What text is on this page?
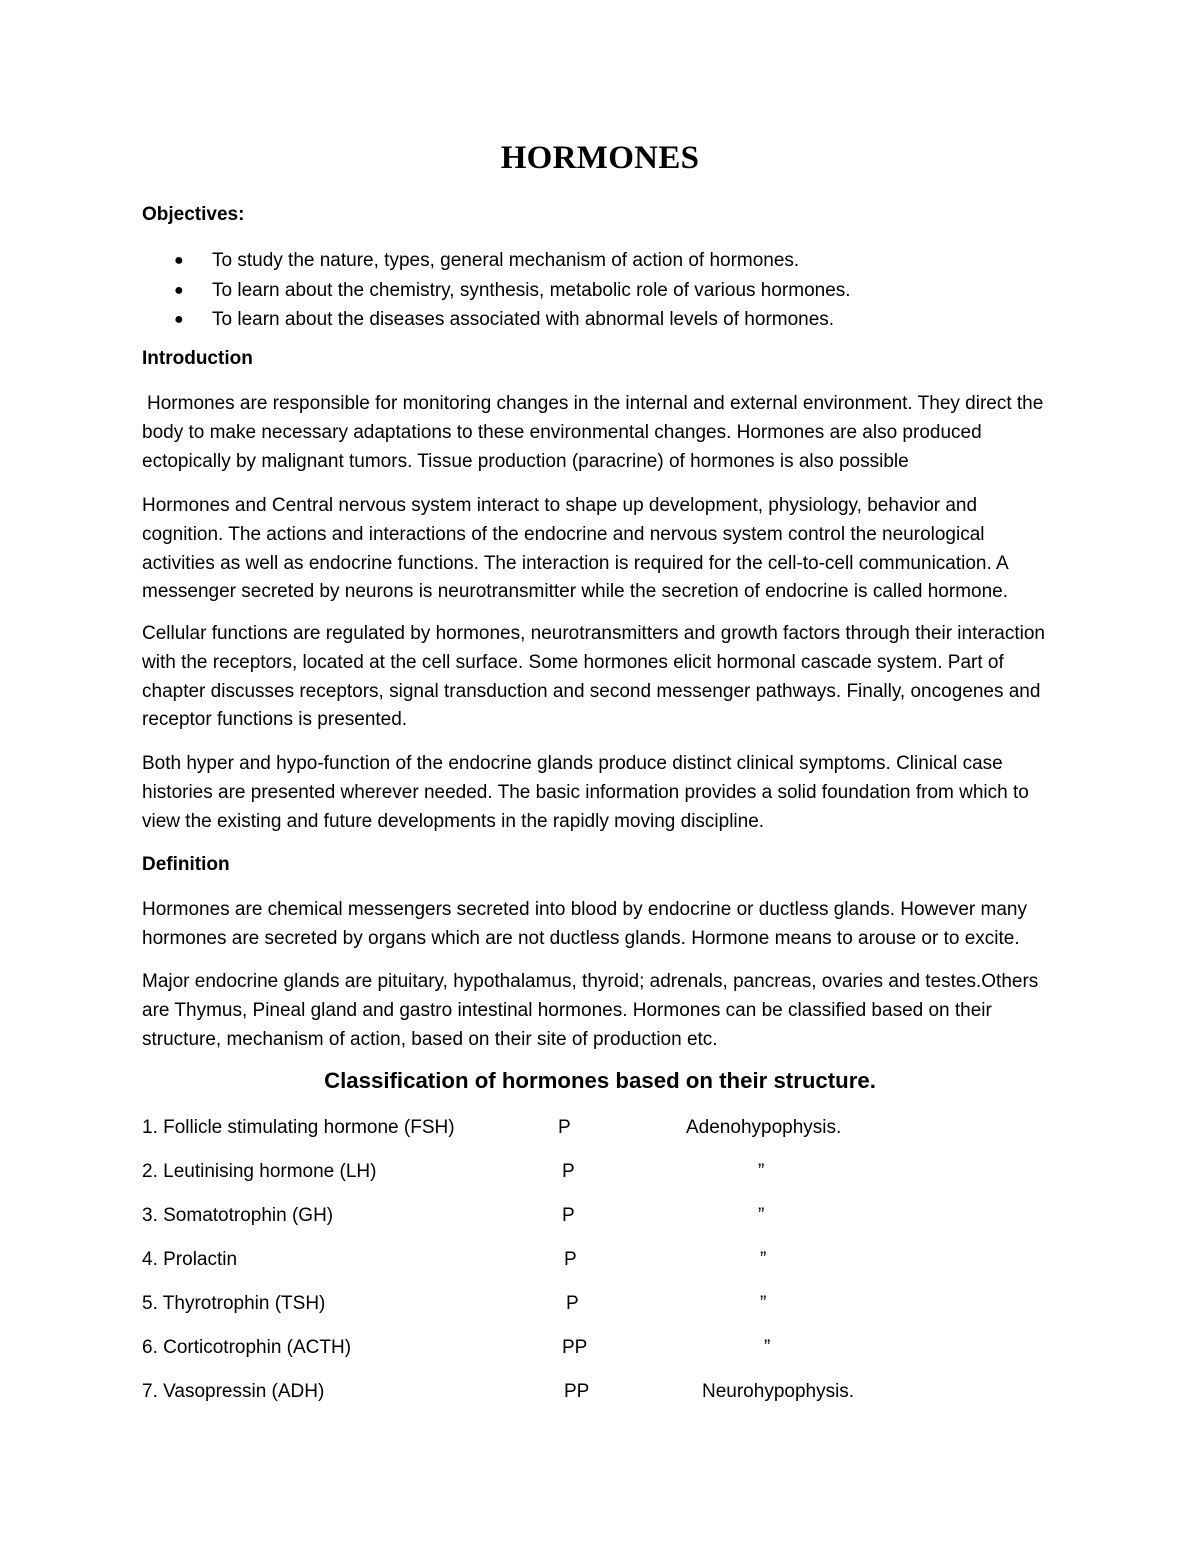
HORMONES
Objectives:
● To study the nature, types, general mechanism of action of hormones.
● To learn about the chemistry, synthesis, metabolic role of various hormones.
● To learn about the diseases associated with abnormal levels of hormones.
Introduction

Hormones are responsible for monitoring changes in the internal and external environment. They direct the body to make necessary adaptations to these environmental changes. Hormones are also produced ectopically by malignant tumors. Tissue production (paracrine) of hormones is also possible

Hormones and Central nervous system interact to shape up development, physiology, behavior and cognition. The actions and interactions of the endocrine and nervous system control the neurological activities as well as endocrine functions. The interaction is required for the cell-to-cell communication. A messenger secreted by neurons is neurotransmitter while the secretion of endocrine is called hormone.

Cellular functions are regulated by hormones, neurotransmitters and growth factors through their interaction with the receptors, located at the cell surface. Some hormones elicit hormonal cascade system. Part of chapter discusses receptors, signal transduction and second messenger pathways. Finally, oncogenes and receptor functions is presented.

Both hyper and hypo-function of the endocrine glands produce distinct clinical symptoms. Clinical case histories are presented wherever needed. The basic information provides a solid foundation from which to view the existing and future developments in the rapidly moving discipline.

Definition

Hormones are chemical messengers secreted into blood by endocrine or ductless glands. However many hormones are secreted by organs which are not ductless glands. Hormone means to arouse or to excite.

Major endocrine glands are pituitary, hypothalamus, thyroid; adrenals, pancreas, ovaries and testes.Others are Thymus, Pineal gland and gastro intestinal hormones. Hormones can be classified based on their structure, mechanism of action, based on their site of production etc.

Classification of hormones based on their structure.
1. Follicle stimulating hormone (FSH)	P	Adenohypophysis.
2. Leutinising hormone (LH)	P	”
3. Somatotrophin (GH)	P	”
4. Prolactin	P	”
5. Thyrotrophin (TSH)	P	”
6. Corticotrophin (ACTH)	PP	”
7. Vasopressin (ADH)	PP	Neurohypophysis.
